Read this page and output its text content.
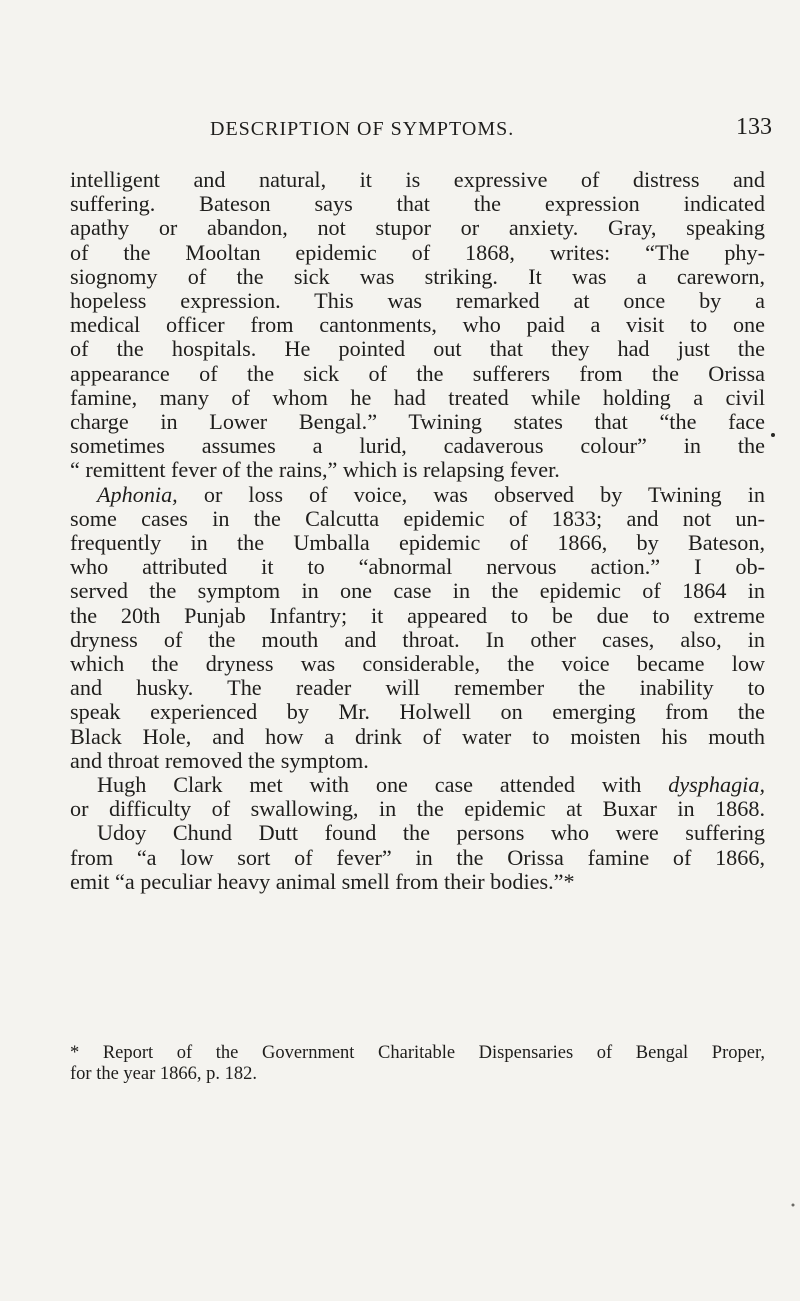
DESCRIPTION OF SYMPTOMS.	133
intelligent and natural, it is expressive of distress and
suffering. Bateson says that the expression indicated
apathy or abandon, not stupor or anxiety. Gray, speaking
of the Mooltan epidemic of 1868, writes: “The phy-
siognomy of the sick was striking. It was a careworn,
hopeless expression. This was remarked at once by a
medical officer from cantonments, who paid a visit to one
of the hospitals. He pointed out that they had just the
appearance of the sick of the sufferers from the Orissa
famine, many of whom he had treated while holding a civil
charge in Lower Bengal.” Twining states that “the face
sometimes assumes a lurid, cadaverous colour” in the
“ remittent fever of the rains,” which is relapsing fever.
Aphonia, or loss of voice, was observed by Twining in
some cases in the Calcutta epidemic of 1833; and not un-
frequently in the Umballa epidemic of 1866, by Bateson,
who attributed it to “abnormal nervous action.” I ob-
served the symptom in one case in the epidemic of 1864 in
the 20th Punjab Infantry; it appeared to be due to extreme
dryness of the mouth and throat. In other cases, also, in
which the dryness was considerable, the voice became low
and husky. The reader will remember the inability to
speak experienced by Mr. Holwell on emerging from the
Black Hole, and how a drink of water to moisten his mouth
and throat removed the symptom.
Hugh Clark met with one case attended with dysphagia,
or difficulty of swallowing, in the epidemic at Buxar in 1868.
Udoy Chund Dutt found the persons who were suffering
from “a low sort of fever” in the Orissa famine of 1866,
emit “a peculiar heavy animal smell from their bodies.”*
* Report of the Government Charitable Dispensaries of Bengal Proper,
for the year 1866, p. 182.
